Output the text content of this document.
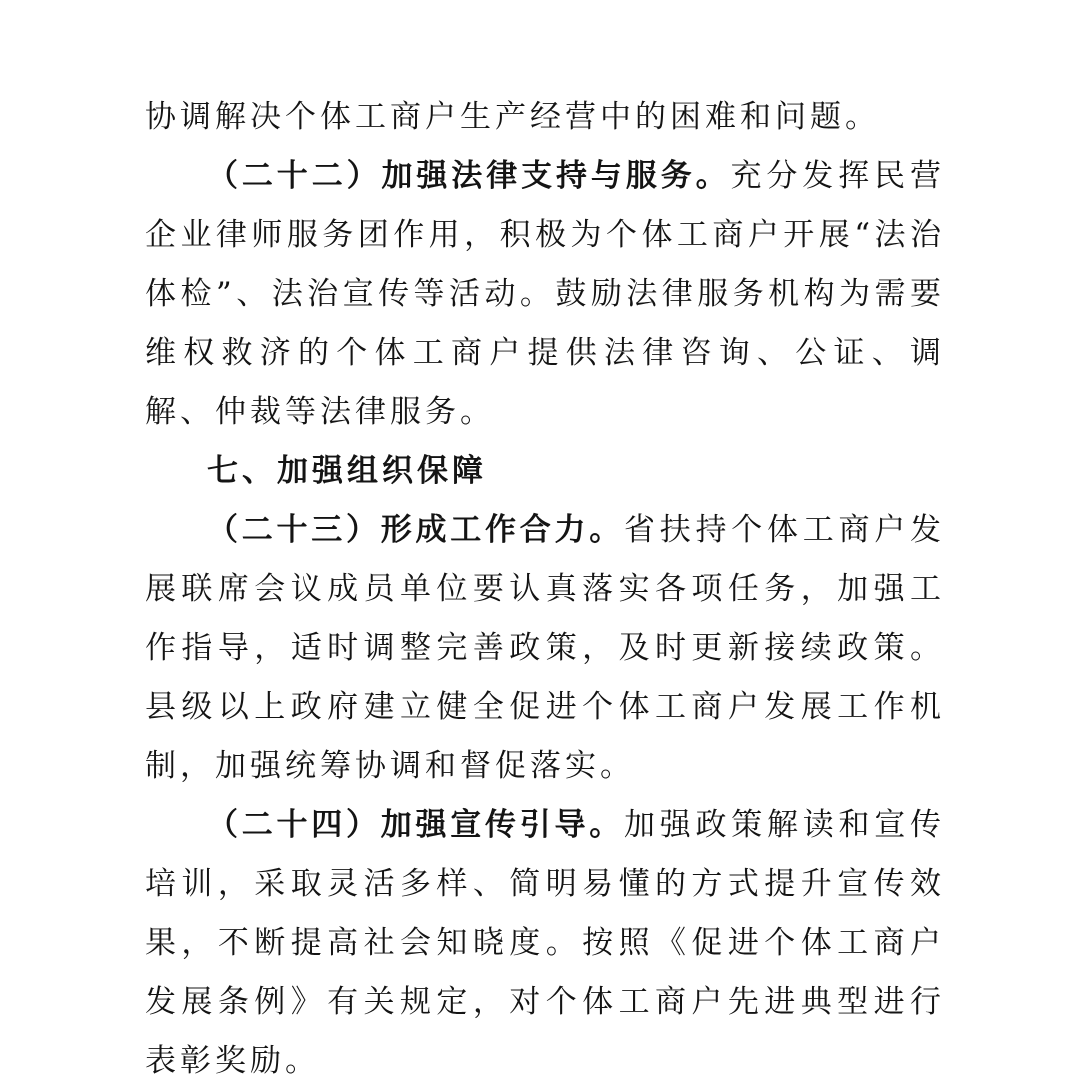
协调解决个体工商户生产经营中的困难和问题。

（二十二）加强法律支持与服务。充分发挥民营企业律师服务团作用，积极为个体工商户开展“法治体检”、法治宣传等活动。鼓励法律服务机构为需要维权救济的个体工商户提供法律咨询、公证、调解、仲裁等法律服务。

七、加强组织保障

（二十三）形成工作合力。省扶持个体工商户发展联席会议成员单位要认真落实各项任务，加强工作指导，适时调整完善政策，及时更新接续政策。县级以上政府建立健全促进个体工商户发展工作机制，加强统筹协调和督促落实。

（二十四）加强宣传引导。加强政策解读和宣传培训，采取灵活多样、简明易懂的方式提升宣传效果，不断提高社会知晓度。按照《促进个体工商户发展条例》有关规定，对个体工商户先进典型进行表彰奖励。
